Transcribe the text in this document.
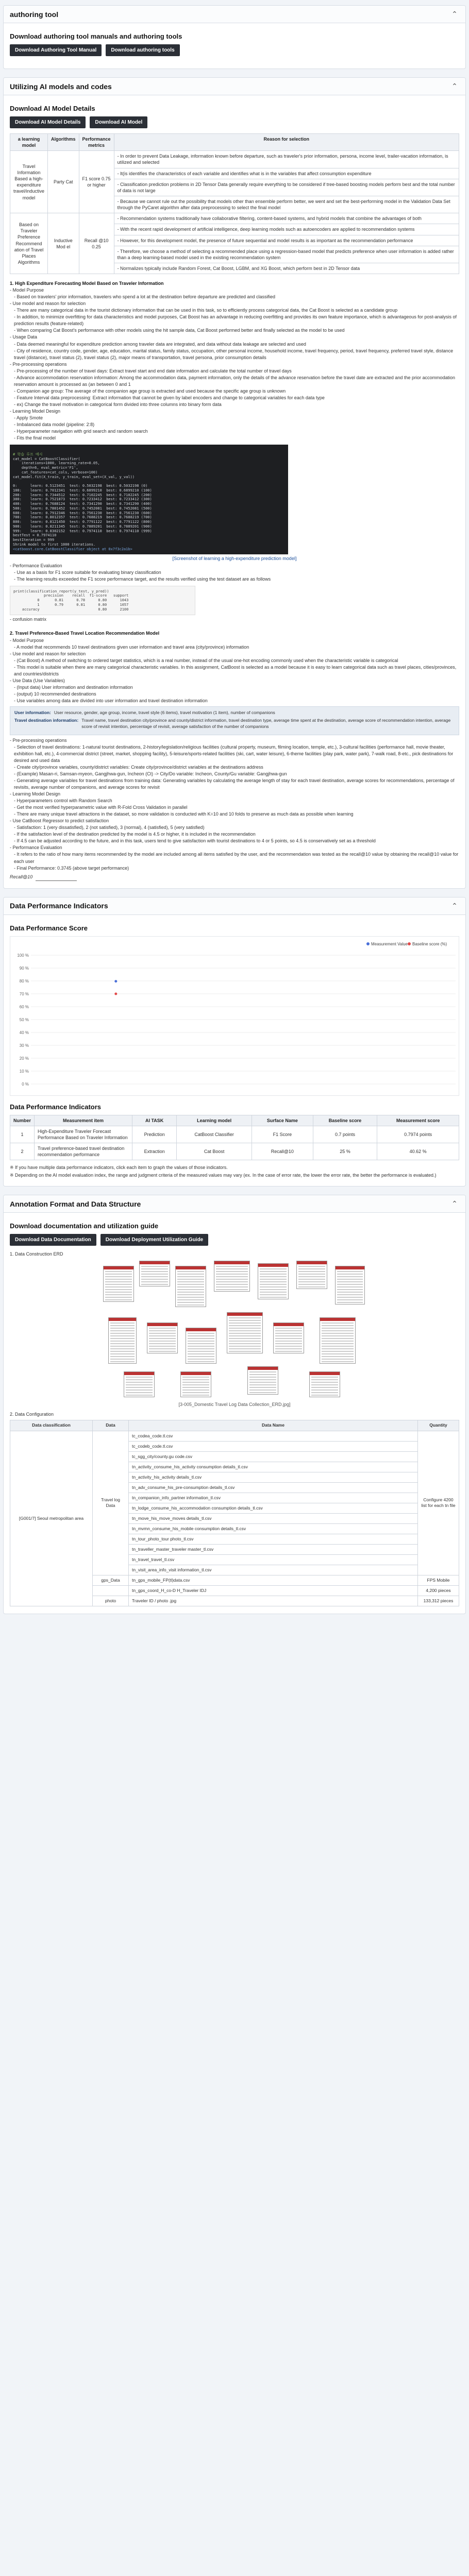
authoring tool	⌃
Download authoring tool manuals and authoring tools
Download Authoring Tool Manual	Download authoring tools
Utilizing AI models and codes	⌃
Download AI Model Details
Download AI Model Details	Download AI Model
a learning model	Algorithms	Performance metrics	Reason for selection
Travel Information Based a high-expenditure travel/inductive model	Party Cat	F1 score 0.75 or higher	- In order to prevent Data Leakage, information known before departure, such as traveler's prior information, persona, income level, trailer-vacation information, is utilized and selected
			- It(is identifies the characteristics of each variable and identifies what is in the variables that affect consumption expenditure
			- Classification prediction problems in 2D Tensor Data generally require everything to be considered if tree-based boosting models perform best and the total number of data is not large
			- Because we cannot rule out the possibility that models other than ensemble perform better, we went and set the best-performing model in the Validation Data Set through the PyCaret algorithm after data preprocessing to select the final model
Based on Traveler Preference Recommend ation of Travel Places Algorithms	Inductive Mod el	Recall @10 0.25	- Recommendation systems traditionally have collaborative filtering, content-based systems, and hybrid models that combine the advantages of both
			- With the recent rapid development of artificial intelligence, deep learning models such as autoencoders are applied to recommendation systems
			- However, for this development model, the presence of future sequential and model results is as important as the recommendation performance
			- Therefore, we choose a method of selecting a recommended place using a regression-based model that predicts preference when user information is added rather than a deep learning-based model used in the existing recommendation system
			- Normalizes typically include Random Forest, Cat Boost, LGBM, and XG Boost, which perform best in 2D Tensor data

1. High Expenditure Forecasting Model Based on Traveler Information

- Model Purpose

- Based on travelers' prior information, travelers who spend a lot at the destination before departure are predicted and classified

- Use model and reason for selection

- There are many categorical data in the tourist dictionary information that can be used in this task, so to efficiently process categorical data, the Cat Boost is selected as a candidate group

- In addition, to minimize overfitting for data characteristics and model purposes, Cat Boost has an advantage in reducing overfitting and provides its own feature importance, which is advantageous for post-analysis of prediction results (feature-related)

- When comparing Cat Boost's performance with other models using the hit sample data, Cat Boost performed better and finally selected as the model to be used

- Usage Data

- Data deemed meaningful for expenditure prediction among traveler data are integrated, and data without data leakage are selected and used

- City of residence, country code, gender, age, education, marital status, family status, occupation, other personal income, household income, travel frequency, period, travel frequency, preferred travel style, distance travel (distance), travel status (2), travel status (2), major means of transportation, travel persona, prior consumption details

- Pre-processing operations

- Pre-processing of the number of travel days: Extract travel start and end date information and calculate the total number of travel days

- Advance accommodation reservation information: Among the accommodation data, payment information, only the details of the advance reservation before the travel date are extracted and the prior accommodation reservation amount is processed as (an between 0 and 1

- Companion age group: The average of the companion age group is extracted and used because the specific age group is unknown

- Feature Interval data preprocessing: Extract information that cannot be given by label encoders and change to categorical variables for each data type

- ex) Change the travel motivation in categorical form divided into three columns into binary form data

- Learning Model Design

- Apply Smote

- Imbalanced data model (pipeline: 2:8)

- Hyperparameter navigation with grid search and random search

- Fits the final model

# 학습 루프 예시
cat_model = CatBoostClassifier(
iterations=1000, learning_rate=0.05,
depth=6, eval_metric='F1',
cat_features=cat_cols, verbose=100)
cat_model.fit(X_train, y_train, eval_set=(X_val, y_val))

0:      learn: 0.5123451  test: 0.5032198  best: 0.5032198 (0)
100:    learn: 0.7012341  test: 0.6899210  best: 0.6899210 (100)
200:    learn: 0.7344512  test: 0.7102245  best: 0.7102245 (200)
300:    learn: 0.7521873  test: 0.7233412  best: 0.7233412 (300)
400:    learn: 0.7688124  test: 0.7341290  best: 0.7341290 (400)
500:    learn: 0.7801452  test: 0.7452081  best: 0.7452081 (500)
600:    learn: 0.7912346  test: 0.7561230  best: 0.7561230 (600)
700:    learn: 0.8012357  test: 0.7688219  best: 0.7688219 (700)
800:    learn: 0.8121450  test: 0.7791122  best: 0.7791122 (800)
900:    learn: 0.8211345  test: 0.7889201  best: 0.7889201 (900)
999:    learn: 0.8302152  test: 0.7974110  best: 0.7974110 (999)
bestTest = 0.7974110
bestIteration = 999
Shrink model to first 1000 iterations.
<catboost.core.CatBoostClassifier object at 0x7f3c2a1b>

[Screenshot of learning a high-expenditure prediction model]

- Performance Evaluation

- Use as a basis for F1 score suitable for evaluating binary classification

- The learning results exceeded the F1 score performance target, and the results verified using the test dataset are as follows

print(classification_report(y_test, y_pred))
precision    recall  f1-score   support
0       0.81      0.78      0.80      1043
1       0.79      0.81      0.80      1057
accuracy                           0.80      2100

- confusion matrix

2. Travel Preference-Based Travel Location Recommendation Model

- Model Purpose

- A model that recommends 10 travel destinations given user information and travel area (city/province) information

- Use model and reason for selection

- (Cat Boost) A method of switching to ordered target statistics, which is a real number, instead of the usual one-hot encoding commonly used when the characteristic variable is categorical

- This model is suitable when there are many categorical characteristic variables. In this assignment, CatBoost is selected as a model because it is easy to learn categorical data such as travel places, cities/provinces, and countries/districts

- Use Data (Use Variables)

- (Input data) User information and destination information

- (output) 10 recommended destinations

- Use variables among data are divided into user information and travel destination information

User information: User resource, gender, age group, income, travel style (6 items), travel motivation (1 item), number of companions
Travel destination information: Travel name, travel destination city/province and county/district information, travel destination type, average time spent at the destination, average score of recommendation intention, average score of revisit intention, percentage of revisit, average satisfaction of the number of companions

- Pre-processing operations

- Selection of travel destinations: 1-natural tourist destinations, 2-history/legislation/religious facilities (cultural property, museum, filming location, temple, etc.), 3-cultural facilities (performance hall, movie theater, exhibition hall, etc.), 4-commercial district (street, market, shopping facility), 5-leisure/sports-related facilities (ski, cart, water leisure), 6-theme facilities (play park, water park), 7-walk road, 8-etc., pick destinations for desired and used data

- Create city/province variables, county/district variables: Create city/province/district variables at the destinations address

- (Example) Masan-ri, Samsan-myeon, Gangjhwa-gun, Incheon (Ct) -> City/Do variable: Incheon, County/Gu variable: Gangjhwa-gun

- Generating average variables for travel destinations from training data: Generating variables by calculating the average length of stay for each travel destination, average scores for recommendations, percentage of revisits, average number of companions, and average scores for revisit

- Learning Model Design

- Hyperparameters control with Random Search

- Get the most verified hyperparametric value with R-Fold Cross Validation in parallel

- There are many unique travel attractions in the dataset, so more validation is conducted with K=10 and 10 folds to preserve as much data as possible when learning

- Use CatBoost Regressor to predict satisfaction

- Satisfaction: 1 (very dissatisfied), 2 (not satisfied), 3 (normal), 4 (satisfied), 5 (very satisfied)

- If the satisfaction level of the destination predicted by the model is 4.5 or higher, it is included in the recommendation

- If 4.5 can be adjusted according to the future, and in this task, users tend to give satisfaction with tourist destinations to 4 or 5 points, so 4.5 is conservatively set as a threshold

- Performance Evaluation

- It refers to the ratio of how many items recommended by the model are included among all items satisfied by the user, and the recommendation was tested as the recall@10 value by obtaining the recall@10 value for each user

- Final Performance: 0.3745 (above target performance)

Recall@10
Data Performance Indicators	⌃
Data Performance Score
0 %
10 %
20 %
30 %
40 %
50 %
60 %
70 %
80 %
90 %
100 %
Measurement Value Baseline score (%)
Data Performance Indicators
Number	Measurement item	AI TASK	Learning model	Surface Name	Baseline score	Measurement score
1	High-Expenditure Traveler Forecast Performance Based on Traveler Information	Prediction	CatBoost Classifier	F1 Score	0.7 points	0.7974 points
2	Travel preference-based travel destination recommendation performance	Extraction	Cat Boost	Recall@10	25 %	40.62 %

※ If you have multiple data performance indicators, click each item to graph the values of those indicators.

※ Depending on the AI model evaluation index, the range and judgment criteria of the measured values may vary (ex. In the case of error rate, the lower the error rate, the better the performance is evaluated.)

Annotation Format and Data Structure	⌃
Download documentation and utilization guide
Download Data Documentation	Download Deployment Utilization Guide

1. Data Construction ERD

[3-005_Domestic Travel Log Data Collection_ERD.jpg]

2. Data Configuration

Data classification	Data	Data Name	Quantity
[G001/7] Seoul metropolitan area	Travel log Data	tc_codea_code.tl.csv	Configure 4200 list for each tn file
		tc_codeb_code.tl.csv	
		tc_sgg_city/county.gu code.csv	
		tn_activity_consume_his_activity consumption details_tl.csv	
		tn_activity_his_activity details_tl.csv	
		tn_adv_consume_his_pre-consumption details_tl.csv	
		tn_companion_info_partner information_tl.csv	
		tn_lodge_consume_his_accommodation consumption details_tl.csv	
		tn_move_his_move_moves details_tl.csv	
		tn_mvmn_consume_his_mobile consumption details_tl.csv	
		tn_tour_photo_tour photo_tl.csv	
		tn_traveller_master_traveler master_tl.csv	
		tn_travel_travel_tl.csv	
		tn_visit_area_info_visit information_tl.csv	
	gps_Data	tn_gps_mobile_FP(tl)data.csv	FPS Mobile
		tn_gps_coord_H_co-D H_Traveler IDJ	4,200 pieces
	photo	Traveler ID / photo .jpg	133,312 pieces
